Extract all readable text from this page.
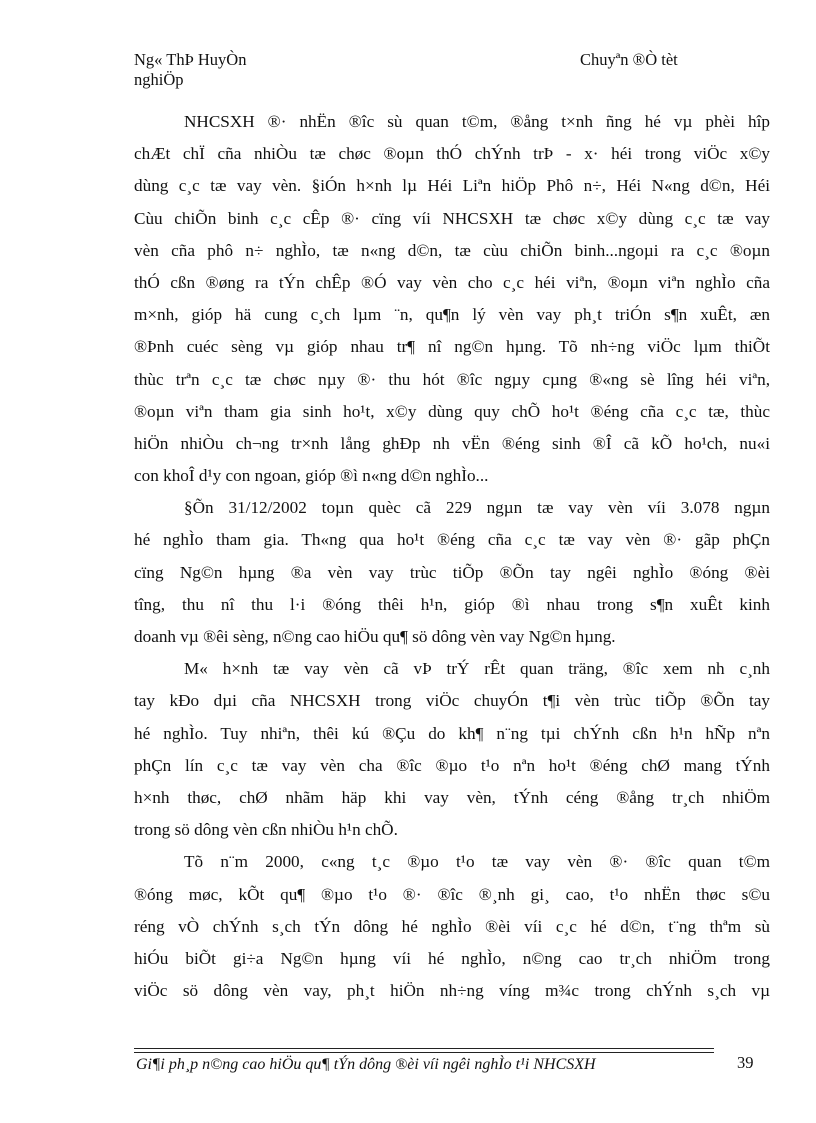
Ng« ThÞ HuyÒn
nghiÖp
Chuyªn ®Ò tèt
NHCSXH ®· nhËn ®îc sù quan t©m, ®ång t×nh ñng hé vµ phèi hîp
chÆt chÏ cña nhiÒu tæ chøc ®oµn thÓ chÝnh trÞ - x· héi trong viÖc x©y
dùng c¸c tæ vay vèn. §iÓn h×nh lµ Héi Liªn hiÖp Phô n÷, Héi N«ng d©n, Héi
Cùu chiÕn binh c¸c cÊp ®· cïng víi NHCSXH tæ chøc x©y dùng c¸c tæ vay
vèn cña phô n÷ nghÌo, tæ n«ng d©n, tæ cùu chiÕn binh...ngoµi ra c¸c ®oµn
thÓ cßn ®øng ra tÝn chÊp ®Ó vay vèn cho c¸c héi viªn, ®oµn viªn nghÌo cña
m×nh, gióp hä cung c¸ch lµm ¨n, qu¶n lý vèn vay ph¸t triÓn s¶n xuÊt, æn
®Þnh cuéc sèng vµ gióp nhau tr¶ nî ng©n hµng. Tõ nh÷ng viÖc lµm thiÕt
thùc trªn c¸c tæ chøc nµy ®· thu hót ®îc ngµy cµng ®«ng sè lîng héi viªn,
®oµn viªn tham gia sinh ho¹t, x©y dùng quy chÕ ho¹t ®éng cña c¸c tæ, thùc
hiÖn nhiÒu ch¬ng tr×nh lång ghÐp nh vËn ®éng sinh ®Î cã kÕ ho¹ch, nu«i
con khoÎ d¹y con ngoan, gióp ®ì n«ng d©n nghÌo...
§Õn 31/12/2002 toµn quèc cã 229 ngµn tæ vay vèn víi 3.078 ngµn
hé nghÌo tham gia. Th«ng qua ho¹t ®éng cña c¸c tæ vay vèn ®· gãp phÇn
cïng Ng©n hµng ®a vèn vay trùc tiÕp ®Õn tay ngêi nghÌo ®óng ®èi
tîng, thu nî thu l·i ®óng thêi h¹n, gióp ®ì nhau trong s¶n xuÊt kinh
doanh vµ ®êi sèng, n©ng cao hiÖu qu¶ sö dông vèn vay Ng©n hµng.
M« h×nh tæ vay vèn cã vÞ trÝ rÊt quan träng, ®îc xem nh c¸nh
tay kÐo dµi cña NHCSXH trong viÖc chuyÓn t¶i vèn trùc tiÕp ®Õn tay
hé nghÌo. Tuy nhiªn, thêi kú ®Çu do kh¶ n¨ng tµi chÝnh cßn h¹n hÑp nªn
phÇn lín c¸c tæ vay vèn cha ®îc ®µo t¹o nªn ho¹t ®éng chØ mang tÝnh
h×nh thøc, chØ nhãm häp khi vay vèn, tÝnh céng ®ång tr¸ch nhiÖm
trong sö dông vèn cßn nhiÒu h¹n chÕ.
Tõ n¨m 2000, c«ng t¸c ®µo t¹o tæ vay vèn ®· ®îc quan t©m
®óng møc, kÕt qu¶ ®µo t¹o ®· ®îc ®¸nh gi¸ cao, t¹o nhËn thøc s©u
réng vÒ chÝnh s¸ch tÝn dông hé nghÌo ®èi víi c¸c hé d©n, t¨ng thªm sù
hiÓu biÕt gi÷a Ng©n hµng víi hé nghÌo, n©ng cao tr¸ch nhiÖm trong
viÖc sö dông vèn vay, ph¸t hiÖn nh÷ng víng m¾c trong chÝnh s¸ch vµ
Gi¶i ph¸p n©ng cao hiÖu qu¶ tÝn dông ®èi víi ngêi nghÌo t¹i NHCSXH	39
